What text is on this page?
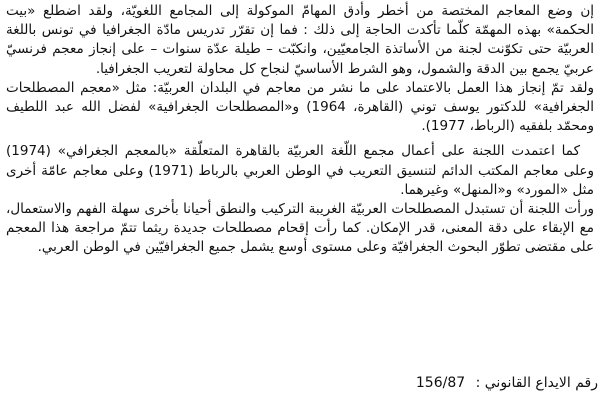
إن وضع المعاجم المختصة من أخطر وأدق المهامّ الموكولة إلى المجامع اللغويّة، ولقد اضطلع «بيت الحكمة» بهذه المهمّة كلّما تأكدت الحاجة إلى ذلك : فما إن تقرّر تدريس مادّة الجغرافيا في تونس باللغة العربيّة حتى تكوّنت لجنة من الأساتذة الجامعيّين، وانكبّت – طيلة عدّة سنوات – على إنجاز معجم فرنسيّ عربيّ يجمع بين الدقة والشمول، وهو الشرط الأساسيّ لنجاح كل محاولة لتعريب الجغرافيا.

ولقد تمّ إنجاز هذا العمل بالاعتماد على ما نشر من معاجم في البلدان العربيّة: مثل «معجم المصطلحات الجغرافية» للدكتور يوسف توني (القاهرة، 1964) و«المصطلحات الجغرافية» لفضل الله عبد اللطيف ومحمّد بلفقيه (الرباط، 1977).

كما اعتمدت اللجنة على أعمال مجمع اللّغة العربيّة بالقاهرة المتعلّقة «بالمعجم الجغرافي» (1974) وعلى معاجم المكتب الدائم لتنسيق التعريب في الوطن العربي بالرباط (1971) وعلى معاجم عامّة أخرى مثل «المورد» و«المنهل» وغيرهما.

ورأت اللجنة أن تستبدل المصطلحات العربيّة الغريبة التركيب والنطق أحيانا بأخرى سهلة الفهم والاستعمال، مع الإبقاء على دقة المعنى، قدر الإمكان. كما رأت إقحام مصطلحات جديدة ريثما تتمّ مراجعة هذا المعجم على مقتضى تطوّر البحوث الجغرافيّة وعلى مستوى أوسع يشمل جميع الجغرافيّين في الوطن العربي.

رقم الايداع القانوني : 156/87
